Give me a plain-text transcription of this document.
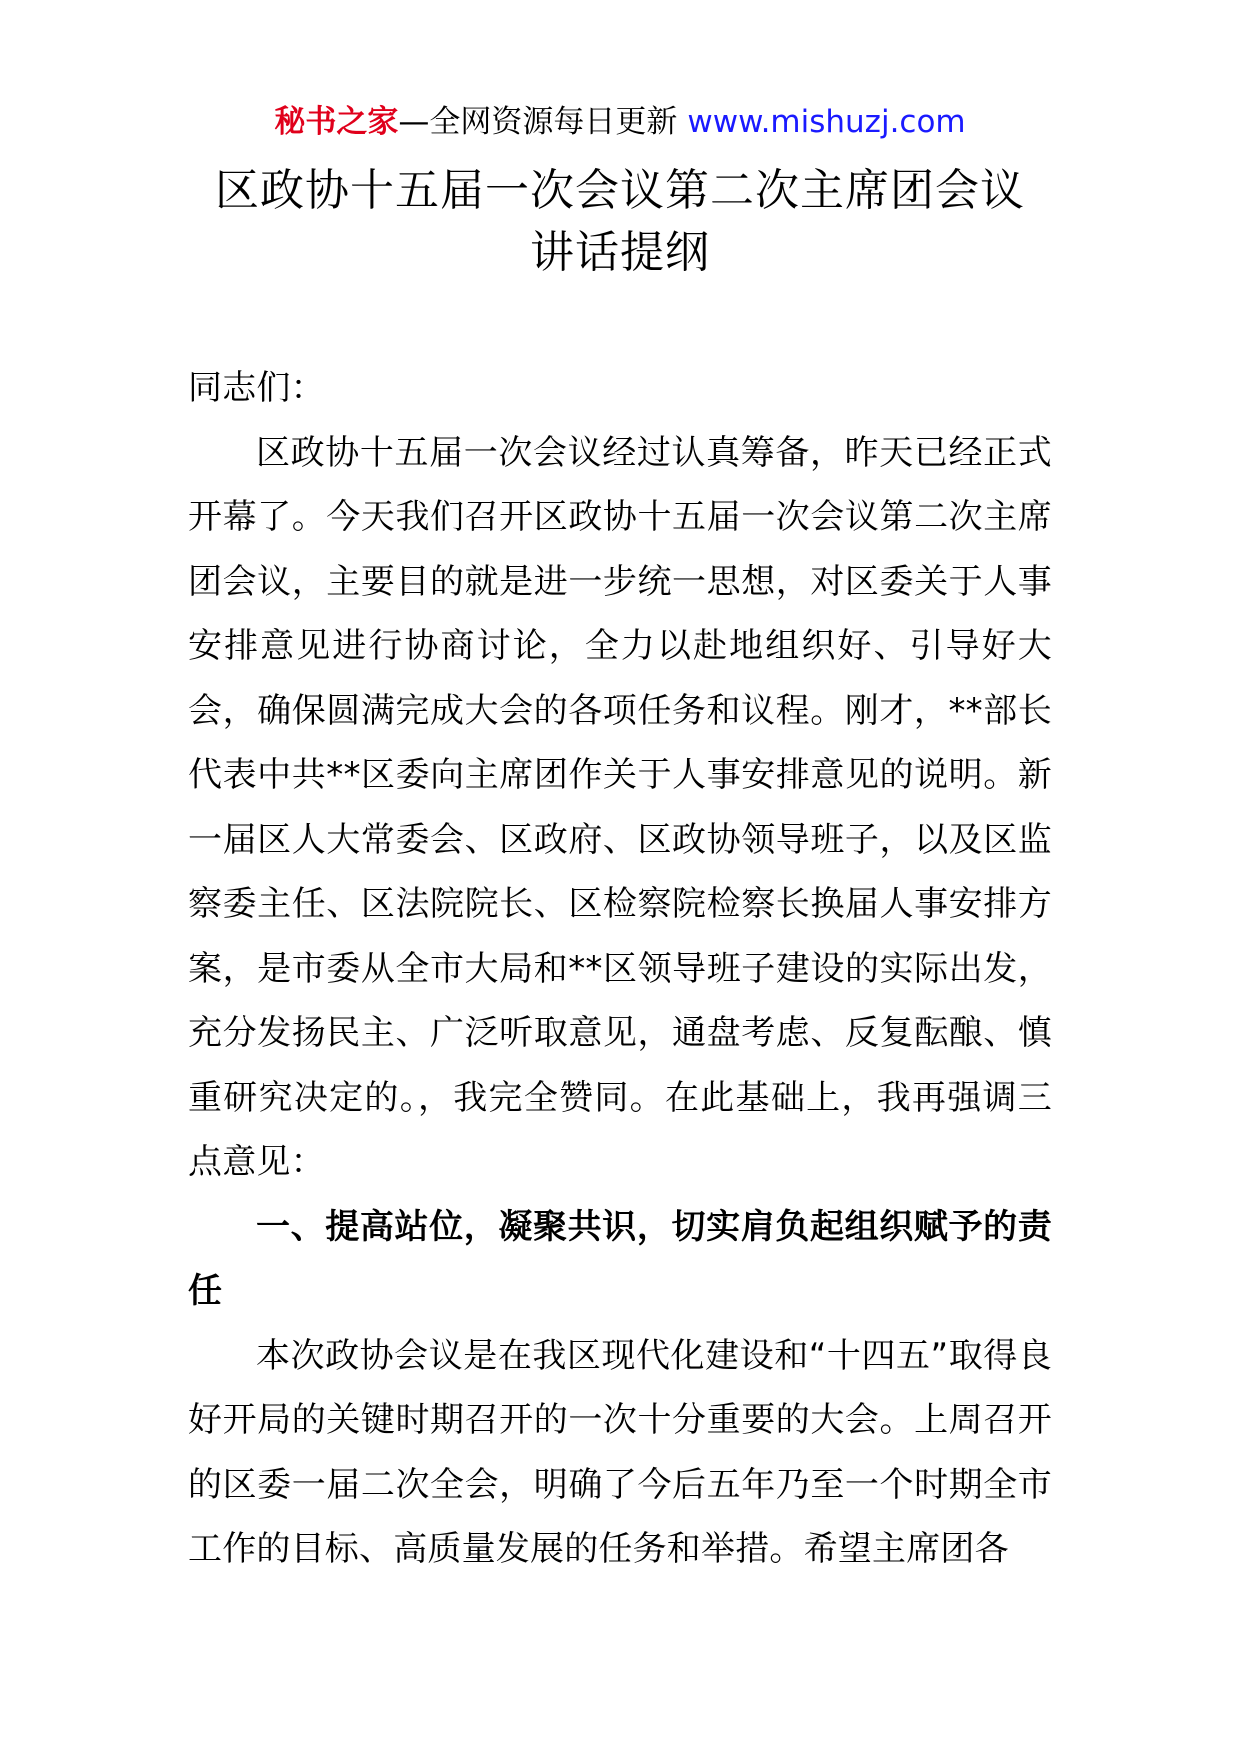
秘书之家—全网资源每日更新 www.mishuzj.com
区政协十五届一次会议第二次主席团会议
讲话提纲

同志们：

区政协十五届一次会议经过认真筹备，昨天已经正式开幕了。今天我们召开区政协十五届一次会议第二次主席团会议，主要目的就是进一步统一思想，对区委关于人事安排意见进行协商讨论，全力以赴地组织好、引导好大会，确保圆满完成大会的各项任务和议程。刚才，**部长代表中共**区委向主席团作关于人事安排意见的说明。新一届区人大常委会、区政府、区政协领导班子，以及区监察委主任、区法院院长、区检察院检察长换届人事安排方案，是市委从全市大局和**区领导班子建设的实际出发，充分发扬民主、广泛听取意见，通盘考虑、反复酝酿、慎重研究决定的。，我完全赞同。在此基础上，我再强调三点意见：

一、提高站位，凝聚共识，切实肩负起组织赋予的责任

本次政协会议是在我区现代化建设和“十四五”取得良好开局的关键时期召开的一次十分重要的大会。上周召开的区委一届二次全会，明确了今后五年乃至一个时期全市工作的目标、高质量发展的任务和举措。希望主席团各
